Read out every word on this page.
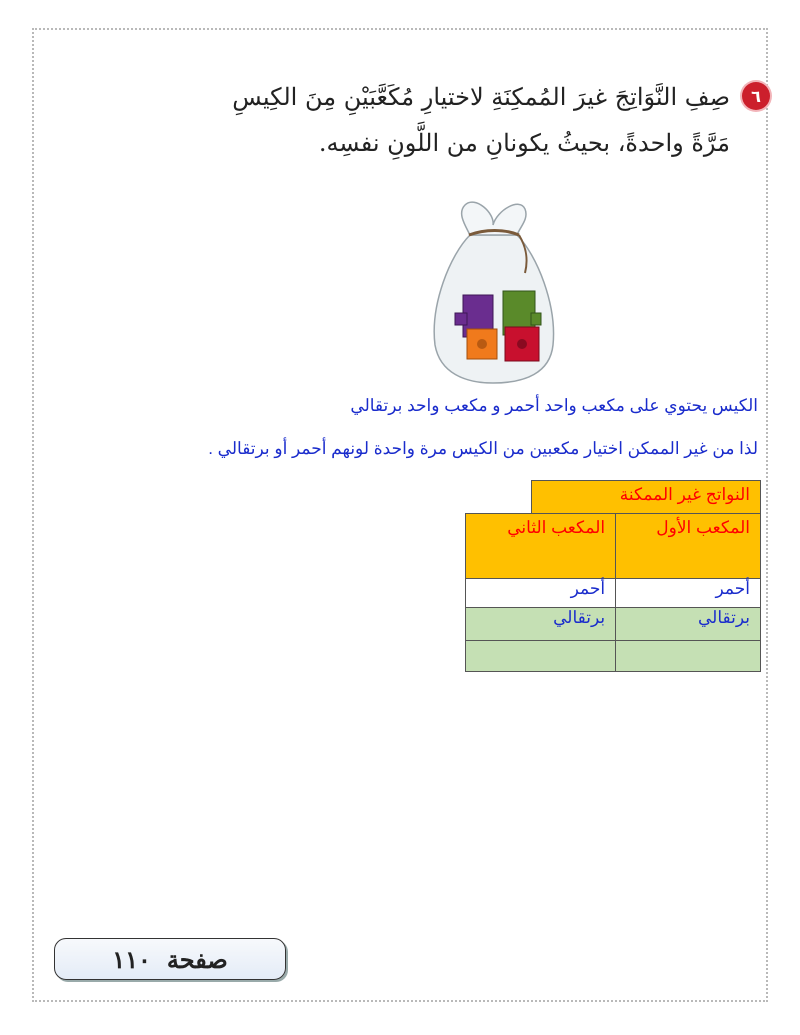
٦
صِفِ النَّوَاتِجَ غيرَ المُمكِنَةِ لاختيارِ مُكَعَّبَيْنِ مِنَ الكِيسِ مَرَّةً واحدةً، بحيثُ يكونانِ من اللَّونِ نفسِه.
الكيس يحتوي على مكعب واحد أحمر و مكعب واحد برتقالي
لذا من غير الممكن اختيار مكعبين من الكيس مرة واحدة لونهم أحمر أو برتقالي .
النواتج غير الممكنة
المكعب الأول	المكعب الثاني
أحمر	أحمر
برتقالي	برتقالي

صفحة
١١٠
